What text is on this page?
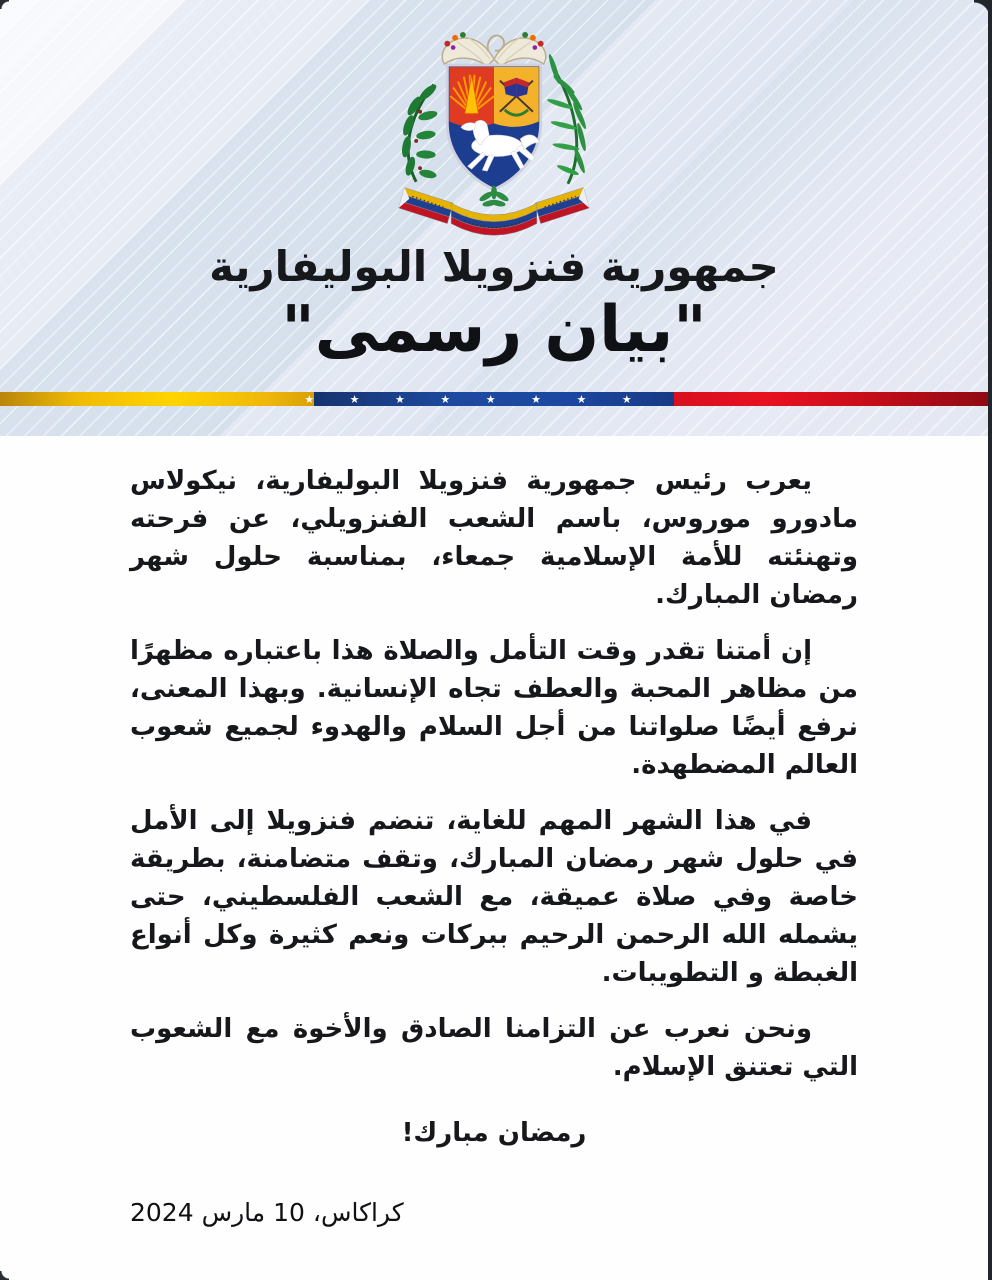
جمهورية فنزويلا البوليفارية
"بيان رسمى"
★ ★ ★ ★ ★ ★ ★ ★

يعرب رئيس جمهورية فنزويلا البوليفارية، نيكولاس مادورو موروس، باسم الشعب الفنزويلي، عن فرحته وتهنئته للأمة الإسلامية جمعاء، بمناسبة حلول شهر رمضان المبارك.

إن أمتنا تقدر وقت التأمل والصلاة هذا باعتباره مظهرًا من مظاهر المحبة والعطف تجاه الإنسانية. وبهذا المعنى، نرفع أيضًا صلواتنا من أجل السلام والهدوء لجميع شعوب العالم المضطهدة.

في هذا الشهر المهم للغاية، تنضم فنزويلا إلى الأمل في حلول شهر رمضان المبارك، وتقف متضامنة، بطريقة خاصة وفي صلاة عميقة، مع الشعب الفلسطيني، حتى يشمله الله الرحمن الرحيم ببركات ونعم كثيرة وكل أنواع الغبطة و التطويبات.

ونحن نعرب عن التزامنا الصادق والأخوة مع الشعوب التي تعتنق الإسلام.

رمضان مبارك!

كراكاس، 10 مارس 2024
